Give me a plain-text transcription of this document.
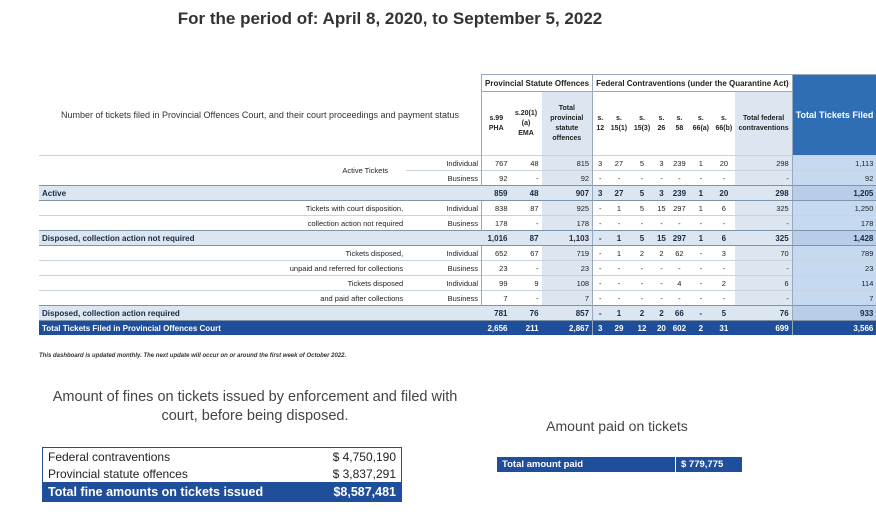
For the period of: April 8, 2020, to September 5, 2022
Number of tickets filed in Provincial Offences Court, and their court proceedings and payment status		Provincial Statute Offences			Federal Contraventions (under the Quarantine Act)								Total Tickets Filed
		s.99 PHA	s.20(1)(a) EMA	Total provincial statute offences	s. 12	s. 15(1)	s. 15(3)	s. 26	s. 58	s. 66(a)	s. 66(b)	Total federal contraventions	
Active Tickets	Individual	767	48	815	3	27	5	3	239	1	20	298	1,113
	Business	92	-	92	-	-	-	-	-	-	-	-	92
Active		859	48	907	3	27	5	3	239	1	20	298	1,205
Tickets with court disposition,	Individual	838	87	925	-	1	5	15	297	1	6	325	1,250
collection action not required	Business	178	-	178	-	-	-	-	-	-	-	-	178
Disposed, collection action not required		1,016	87	1,103	-	1	5	15	297	1	6	325	1,428
Tickets disposed,	Individual	652	67	719	-	1	2	2	62	-	3	70	789
unpaid and referred for collections	Business	23	-	23	-	-	-	-	-	-	-	-	23
Tickets disposed	Individual	99	9	108	-	-	-	-	4	-	2	6	114
and paid after collections	Business	7	-	7	-	-	-	-	-	-	-	-	7
Disposed, collection action required		781	76	857	-	1	2	2	66	-	5	76	933
Total Tickets Filed in Provincial Offences Court		2,656	211	2,867	3	29	12	20	602	2	31	699	3,566
This dashboard is updated monthly. The next update will occur on or around the first week of October 2022.
Amount of fines on tickets issued by enforcement and filed with court, before being disposed.
Federal contraventions	$ 4,750,190
Provincial statute offences	$ 3,837,291
Total fine amounts on tickets issued	$8,587,481
Amount paid on tickets
Total amount paid	$ 779,775
